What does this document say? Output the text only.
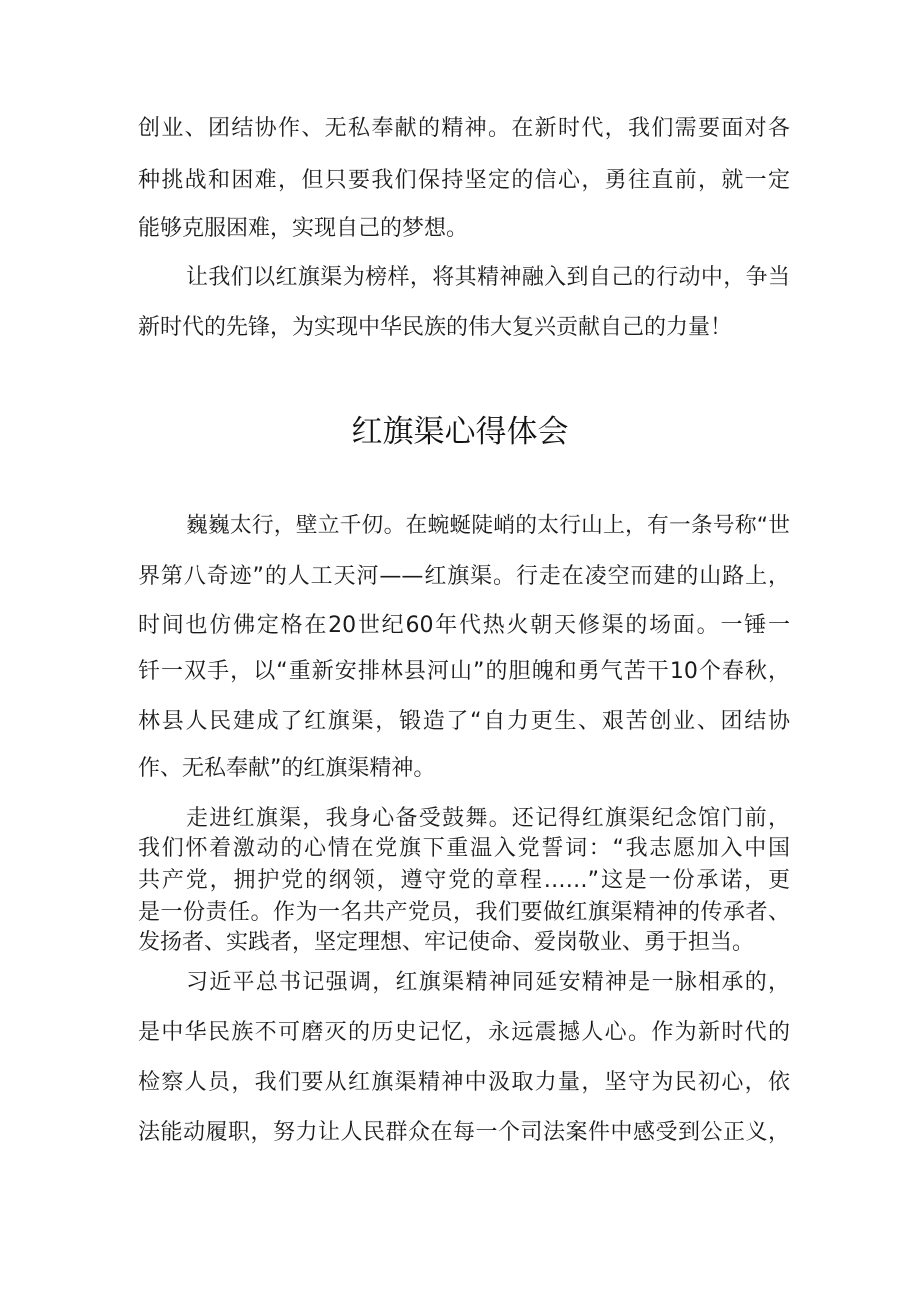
创业、团结协作、无私奉献的精神。在新时代，我们需要面对各
种挑战和困难，但只要我们保持坚定的信心，勇往直前，就一定
能够克服困难，实现自己的梦想。
让我们以红旗渠为榜样，将其精神融入到自己的行动中，争当
新时代的先锋，为实现中华民族的伟大复兴贡献自己的力量！
红旗渠心得体会
巍巍太行，壁立千仞。在蜿蜒陡峭的太行山上，有一条号称“世
界第八奇迹”的人工天河——红旗渠。行走在凌空而建的山路上，
时间也仿佛定格在20世纪60年代热火朝天修渠的场面。一锤一
钎一双手，以“重新安排林县河山”的胆魄和勇气苦干10个春秋，
林县人民建成了红旗渠，锻造了“自力更生、艰苦创业、团结协
作、无私奉献”的红旗渠精神。
走进红旗渠，我身心备受鼓舞。还记得红旗渠纪念馆门前，
我们怀着激动的心情在党旗下重温入党誓词：“我志愿加入中国
共产党，拥护党的纲领，遵守党的章程……”这是一份承诺，更
是一份责任。作为一名共产党员，我们要做红旗渠精神的传承者、
发扬者、实践者，坚定理想、牢记使命、爱岗敬业、勇于担当。
习近平总书记强调，红旗渠精神同延安精神是一脉相承的，
是中华民族不可磨灭的历史记忆，永远震撼人心。作为新时代的
检察人员，我们要从红旗渠精神中汲取力量，坚守为民初心，依
法能动履职，努力让人民群众在每一个司法案件中感受到公正义，
